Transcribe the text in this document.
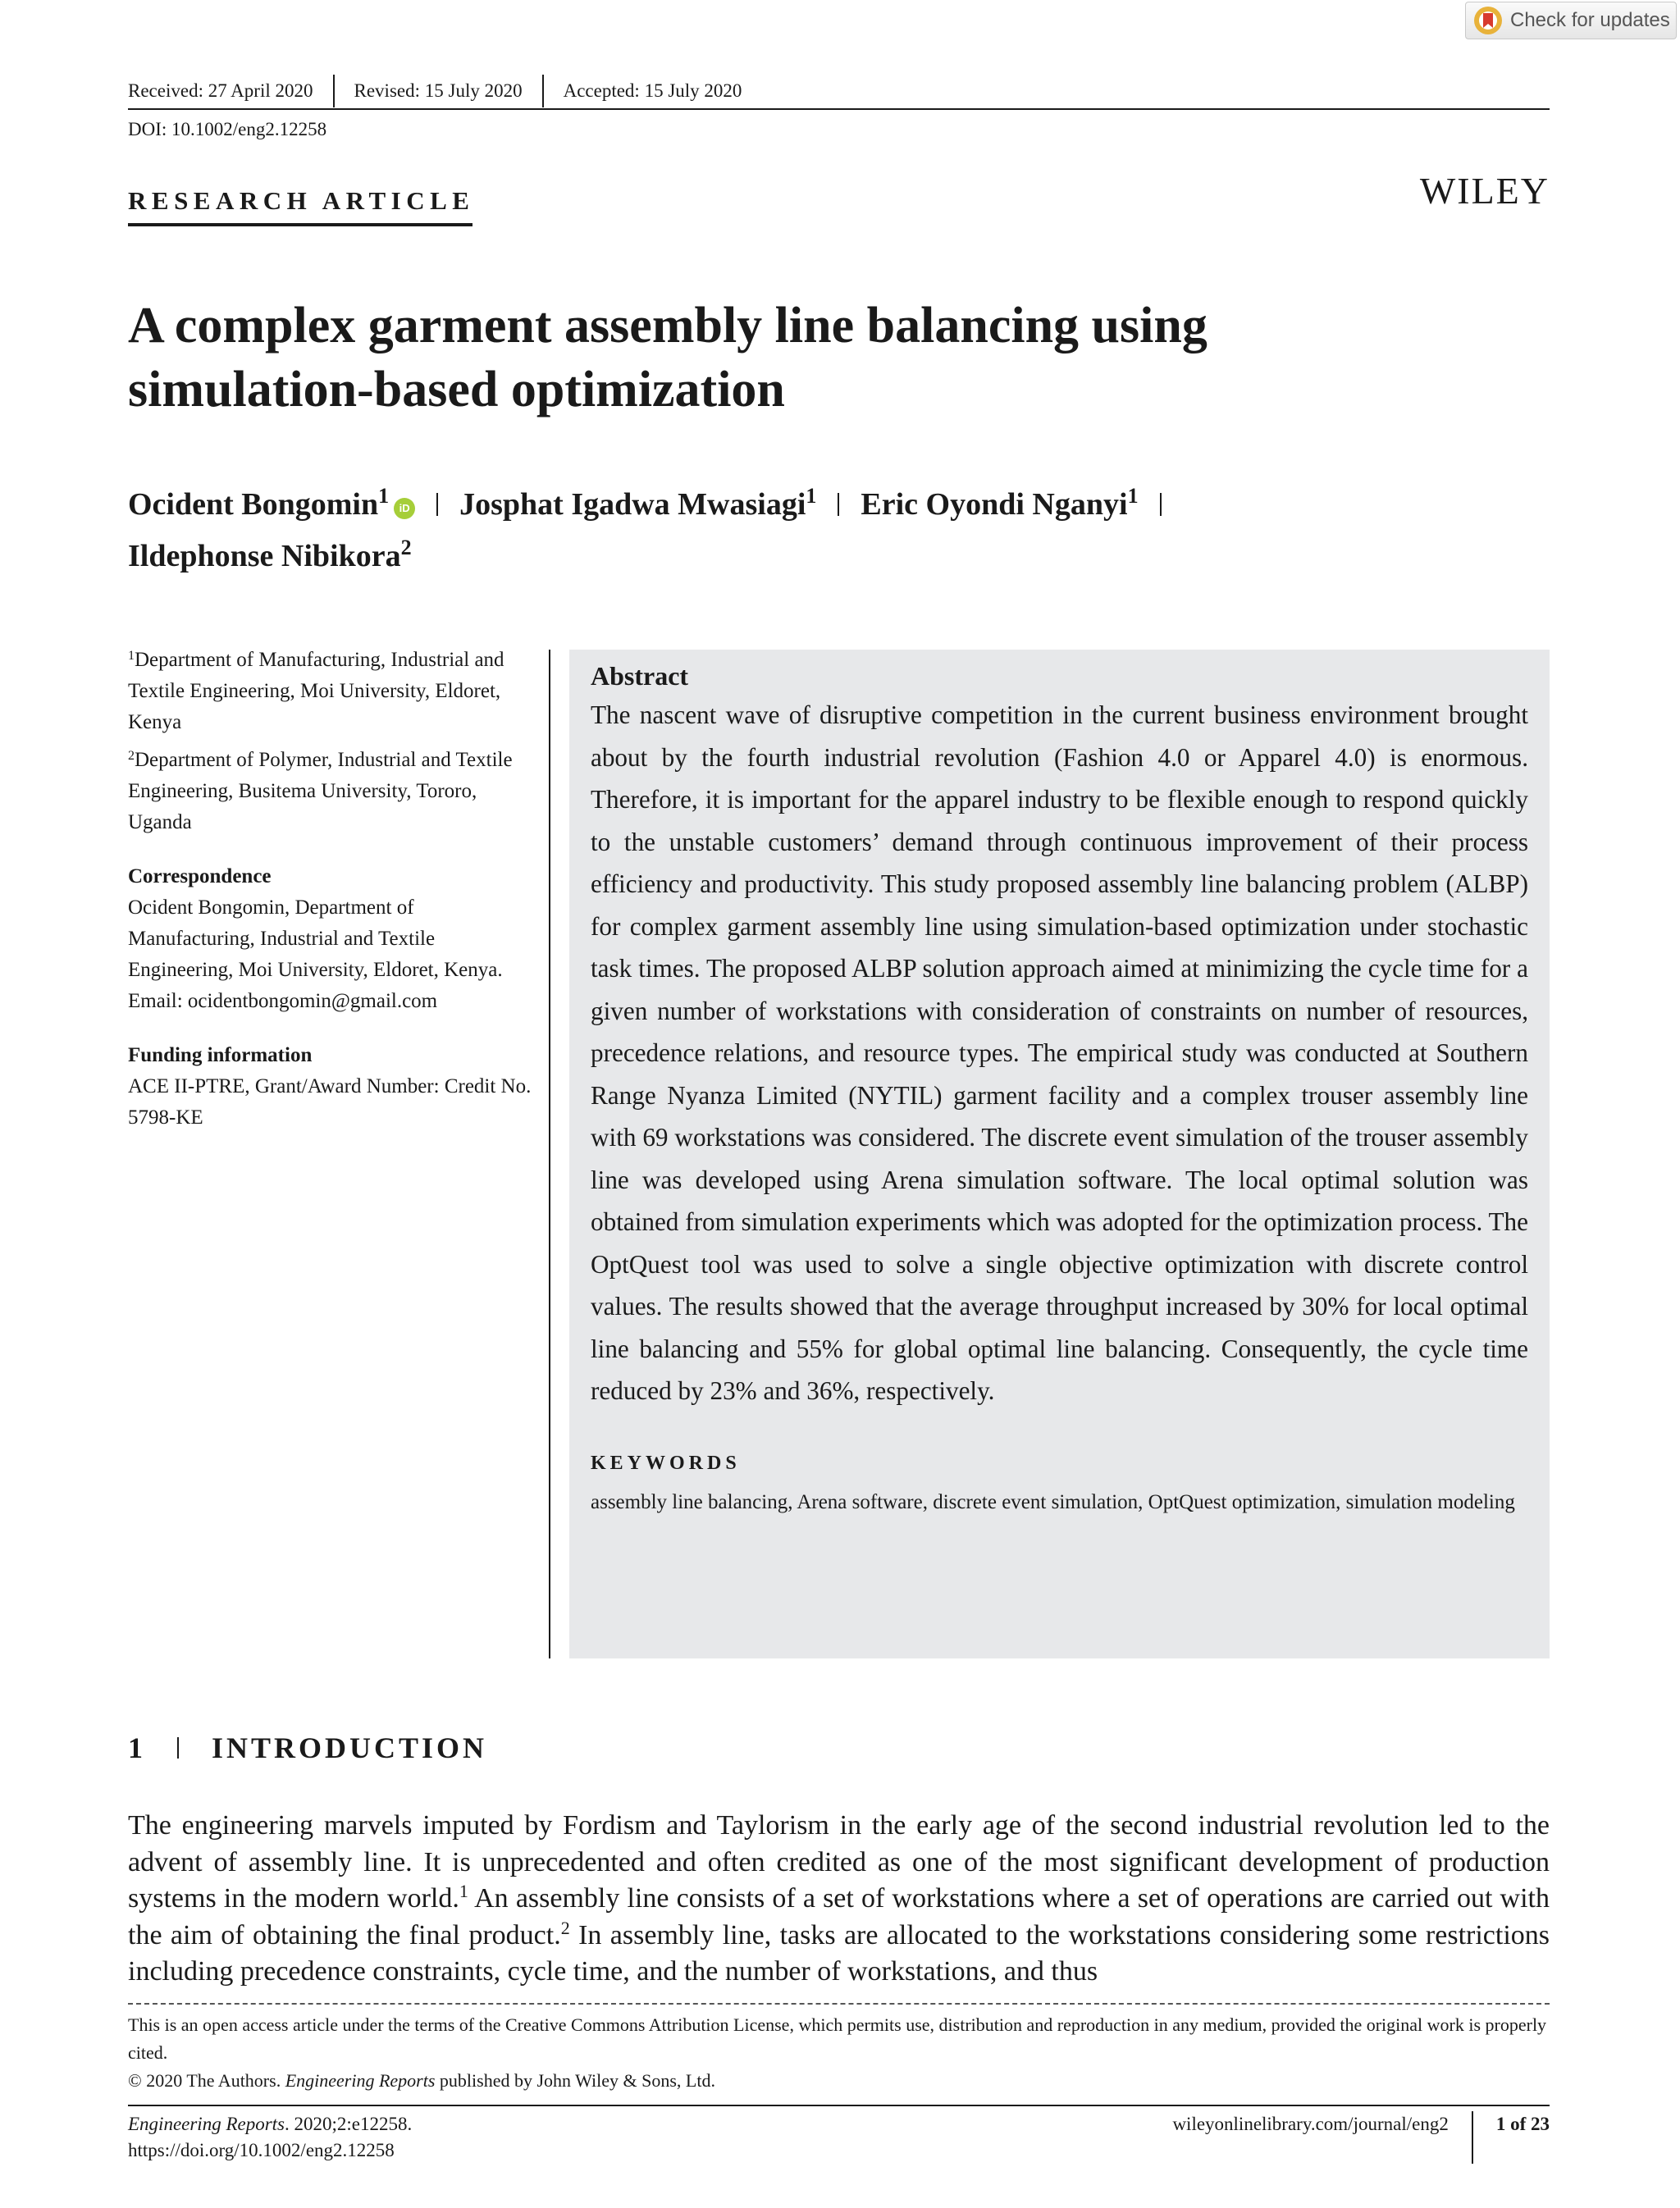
Check for updates
Received: 27 April 2020	Revised: 15 July 2020	Accepted: 15 July 2020
DOI: 10.1002/eng2.12258
RESEARCH ARTICLE	WILEY
A complex garment assembly line balancing using
simulation-based optimization
Ocident Bongomin$^1$iD Josphat Igadwa Mwasiagi$^1$ Eric Oyondi Nganyi$^1$
Ildephonse Nibikora$^2$

$^1$Department of Manufacturing, Industrial and Textile Engineering, Moi University, Eldoret, Kenya

$^2$Department of Polymer, Industrial and Textile Engineering, Busitema University, Tororo, Uganda

Correspondence

Ocident Bongomin, Department of Manufacturing, Industrial and Textile Engineering, Moi University, Eldoret, Kenya.

Email: ocidentbongomin@gmail.com

Funding information

ACE II-PTRE, Grant/Award Number: Credit No. 5798-KE

Abstract

The nascent wave of disruptive competition in the current business environment brought about by the fourth industrial revolution (Fashion 4.0 or Apparel 4.0) is enormous. Therefore, it is important for the apparel industry to be flexible enough to respond quickly to the unstable customers’ demand through continuous improvement of their process efficiency and productivity. This study proposed assembly line balancing problem (ALBP) for complex garment assembly line using simulation-based optimization under stochastic task times. The proposed ALBP solution approach aimed at minimizing the cycle time for a given number of workstations with consideration of constraints on number of resources, precedence relations, and resource types. The empirical study was conducted at Southern Range Nyanza Limited (NYTIL) garment facility and a complex trouser assembly line with 69 workstations was considered. The discrete event simulation of the trouser assembly line was developed using Arena simulation software. The local optimal solution was obtained from simulation experiments which was adopted for the optimization process. The OptQuest tool was used to solve a single objective optimization with discrete control values. The results showed that the average throughput increased by 30% for local optimal line balancing and 55% for global optimal line balancing. Consequently, the cycle time reduced by 23% and 36%, respectively.

KEYWORDS
assembly line balancing, Arena software, discrete event simulation, OptQuest optimization, simulation modeling
1	INTRODUCTION

The engineering marvels imputed by Fordism and Taylorism in the early age of the second industrial revolution led to the advent of assembly line. It is unprecedented and often credited as one of the most significant development of production systems in the modern world.$^1$ An assembly line consists of a set of workstations where a set of operations are carried out with the aim of obtaining the final product.$^2$ In assembly line, tasks are allocated to the workstations considering some restrictions including precedence constraints, cycle time, and the number of workstations, and thus

This is an open access article under the terms of the Creative Commons Attribution License, which permits use, distribution and reproduction in any medium, provided the original work is properly cited.

© 2020 The Authors. Engineering Reports published by John Wiley & Sons, Ltd.

Engineering Reports. 2020;2:e12258.
https://doi.org/10.1002/eng2.12258
wileyonlinelibrary.com/journal/eng2	1 of 23
